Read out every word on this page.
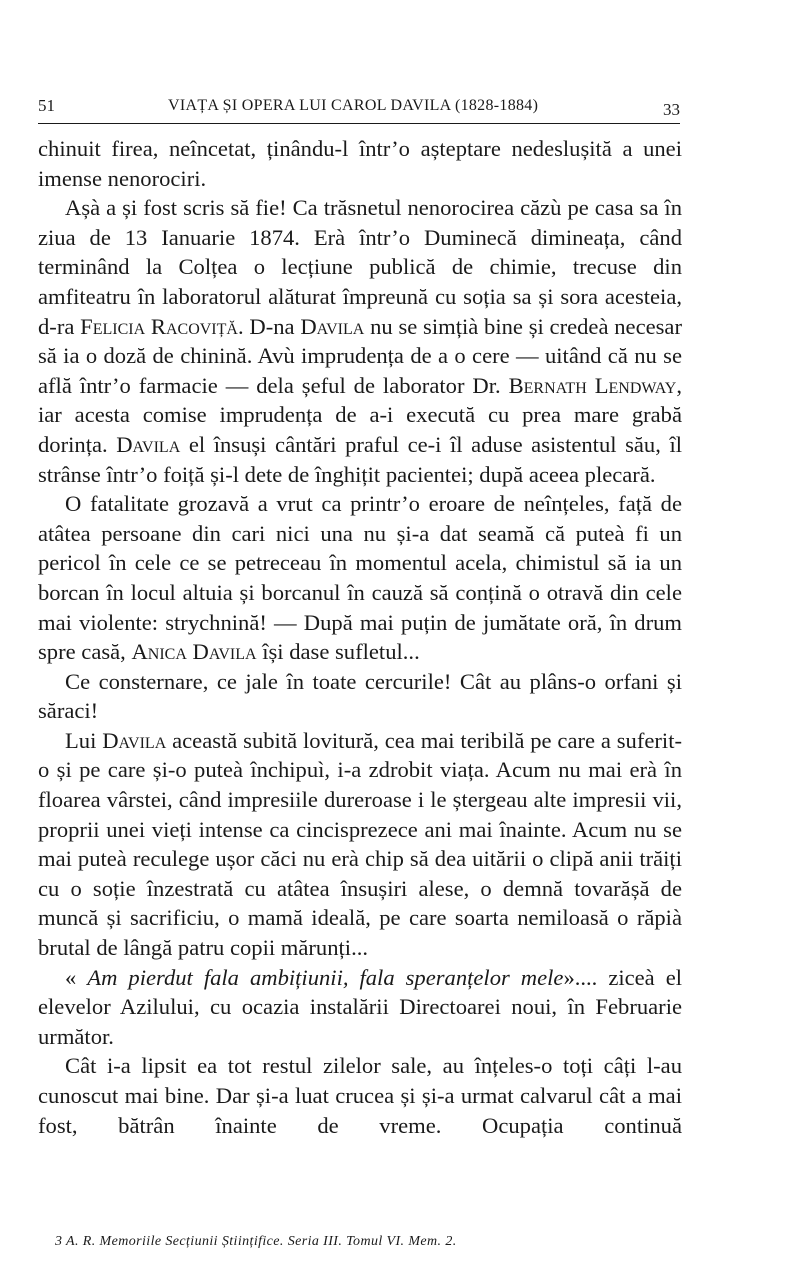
51	VIAȚA ȘI OPERA LUI CAROL DAVILA (1828-1884)	33

chinuit firea, neîncetat, ținându-l într’o așteptare nedeslușită a unei imense nenorociri.

Așà a și fost scris să fie! Ca trăsnetul nenorocirea căzù pe casa sa în ziua de 13 Ianuarie 1874. Erà într’o Duminecă dimineața, când terminând la Colțea o lecțiune publică de chimie, trecuse din amfiteatru în laboratorul alăturat împreună cu soția sa și sora acesteia, d-ra Felicia Racoviță. D-na Davila nu se simțià bine și credeà necesar să ia o doză de chinină. Avù imprudența de a o cere — uitând că nu se află într’o farmacie — dela șeful de laborator Dr. Bernath Lendway, iar acesta comise imprudența de a-i execută cu prea mare grabă dorința. Davila el însuși cântări praful ce-i îl aduse asistentul său, îl strânse într’o foiță și-l dete de înghițit pacientei; după aceea plecară.

O fatalitate grozavă a vrut ca printr’o eroare de neînțeles, față de atâtea persoane din cari nici una nu și-a dat seamă că puteà fi un pericol în cele ce se petreceau în momentul acela, chimistul să ia un borcan în locul altuia și borcanul în cauză să conțină o otravă din cele mai violente: strychnină! — După mai puțin de jumătate oră, în drum spre casă, Anica Davila își dase sufletul...

Ce consternare, ce jale în toate cercurile! Cât au plâns-o orfani și săraci!

Lui Davila această subită lovitură, cea mai teribilă pe care a suferit-o și pe care și-o puteà închipuì, i-a zdrobit viața. Acum nu mai erà în floarea vârstei, când impresiile dureroase i le ștergeau alte impresii vii, proprii unei vieți intense ca cincisprezece ani mai înainte. Acum nu se mai puteà reculege ușor căci nu erà chip să dea uitării o clipă anii trăiți cu o soție înzestrată cu atâtea însușiri alese, o demnă tovarășă de muncă și sacrificiu, o mamă ideală, pe care soarta nemiloasă o răpià brutal de lângă patru copii mărunți...

« Am pierdut fala ambițiunii, fala speranțelor mele».... ziceà el elevelor Azilului, cu ocazia instalării Directoarei noui, în Februarie următor.

Cât i-a lipsit ea tot restul zilelor sale, au înțeles-o toți câți l-au cunoscut mai bine. Dar și-a luat crucea și și-a urmat calvarul cât a mai fost, bătrân înainte de vreme. Ocupația continuă

3 A. R. Memoriile Secțiunii Științifice. Seria III. Tomul VI. Mem. 2.
